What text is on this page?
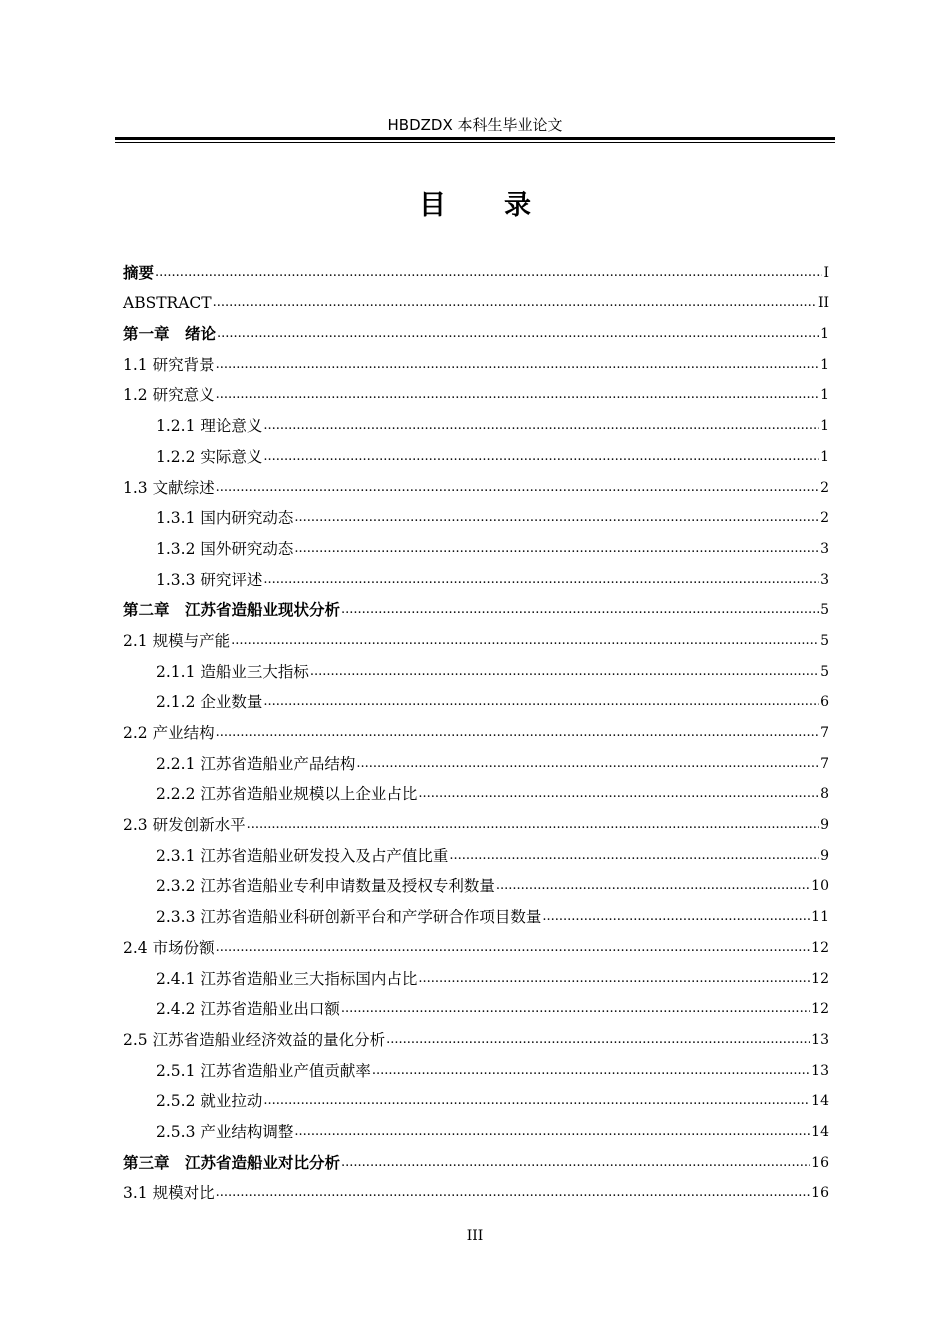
HBDZDX 本科生毕业论文
目录
摘要 .....	I
ABSTRACT .....	II
第一章　绪论 .....	1
1.1 研究背景 .....	1
1.2 研究意义 .....	1
1.2.1 理论意义 .....	1
1.2.2 实际意义 .....	1
1.3 文献综述 .....	2
1.3.1 国内研究动态 .....	2
1.3.2 国外研究动态 .....	3
1.3.3 研究评述 .....	3
第二章　江苏省造船业现状分析 .....	5
2.1 规模与产能 .....	5
2.1.1 造船业三大指标 .....	5
2.1.2 企业数量 .....	6
2.2 产业结构 .....	7
2.2.1 江苏省造船业产品结构 .....	7
2.2.2 江苏省造船业规模以上企业占比 .....	8
2.3 研发创新水平 .....	9
2.3.1 江苏省造船业研发投入及占产值比重 .....	9
2.3.2 江苏省造船业专利申请数量及授权专利数量 .....	10
2.3.3 江苏省造船业科研创新平台和产学研合作项目数量 .....	11
2.4 市场份额 .....	12
2.4.1 江苏省造船业三大指标国内占比 .....	12
2.4.2 江苏省造船业出口额 .....	12
2.5 江苏省造船业经济效益的量化分析 .....	13
2.5.1 江苏省造船业产值贡献率 .....	13
2.5.2 就业拉动 .....	14
2.5.3 产业结构调整 .....	14
第三章　江苏省造船业对比分析 .....	16
3.1 规模对比 .....	16
III
